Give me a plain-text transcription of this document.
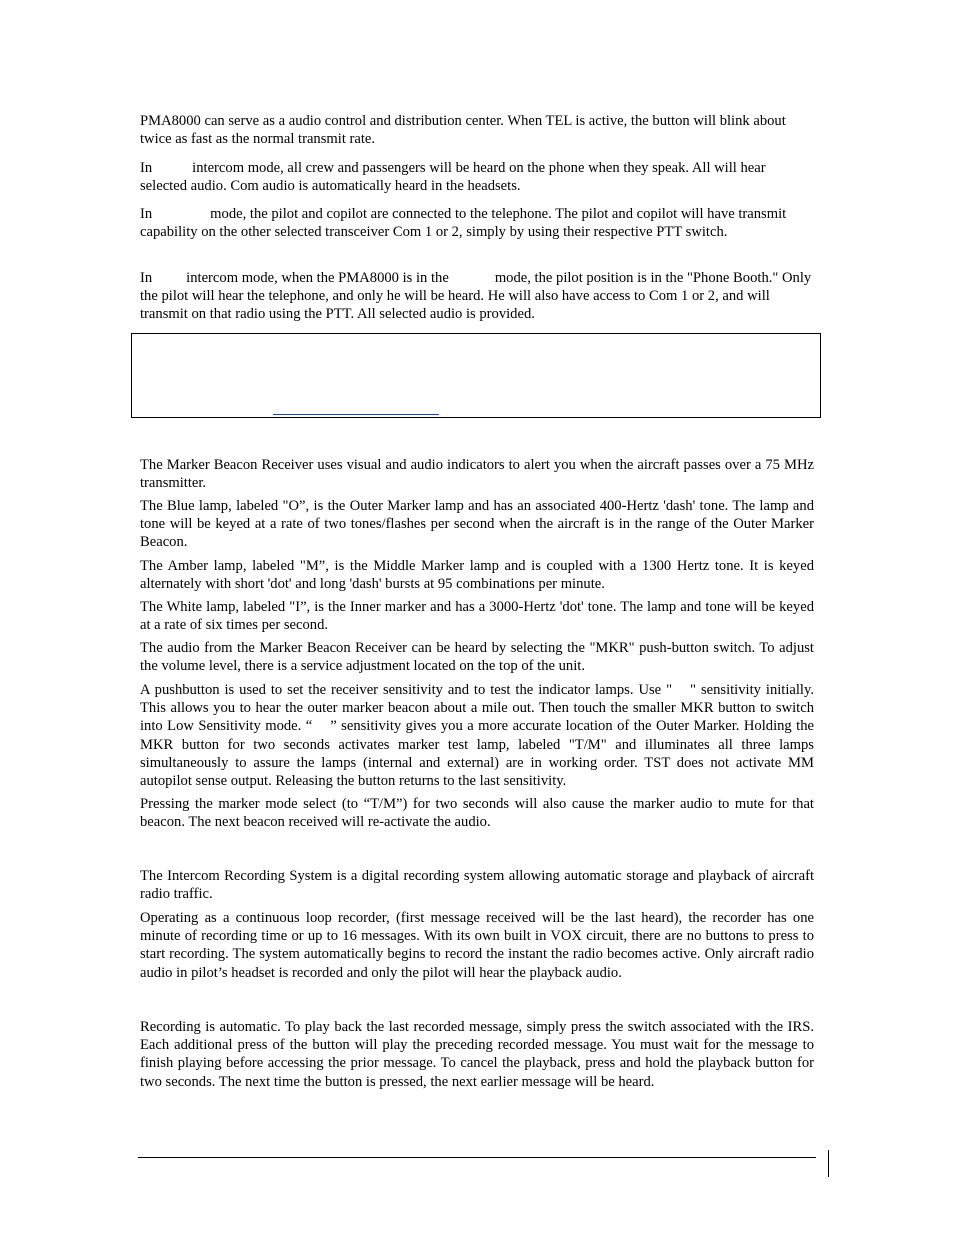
PMA8000 can serve as a audio control and distribution center. When TEL is active, the button will blink about twice as fast as the normal transmit rate.

In	intercom mode, all crew and passengers will be heard on the phone when they speak. All will hear selected audio. Com audio is automatically heard in the headsets.

In	mode, the pilot and copilot are connected to the telephone. The pilot and copilot will have transmit capability on the other selected transceiver Com 1 or 2, simply by using their respective PTT switch.

In intercom mode, when the PMA8000 is in the	mode, the pilot position is in the "Phone Booth." Only the pilot will hear the telephone, and only he will be heard. He will also have access to Com 1 or 2, and will transmit on that radio using the PTT. All selected audio is provided.

The Marker Beacon Receiver uses visual and audio indicators to alert you when the aircraft passes over a 75 MHz transmitter.

The Blue lamp, labeled "O”, is the Outer Marker lamp and has an associated 400-Hertz 'dash' tone. The lamp and tone will be keyed at a rate of two tones/flashes per second when the aircraft is in the range of the Outer Marker Beacon.

The Amber lamp, labeled "M”, is the Middle Marker lamp and is coupled with a 1300 Hertz tone. It is keyed alternately with short 'dot' and long 'dash' bursts at 95 combinations per minute.

The White lamp, labeled "I”, is the Inner marker and has a 3000-Hertz 'dot' tone. The lamp and tone will be keyed at a rate of six times per second.

The audio from the Marker Beacon Receiver can be heard by selecting the "MKR" push-button switch. To adjust the volume level, there is a service adjustment located on the top of the unit.

A pushbutton is used to set the receiver sensitivity and to test the indicator lamps. Use " " sensitivity initially. This allows you to hear the outer marker beacon about a mile out. Then touch the smaller MKR button to switch into Low Sensitivity mode. “ ” sensitivity gives you a more accurate location of the Outer Marker. Holding the MKR button for two seconds activates marker test lamp, labeled "T/M" and illuminates all three lamps simultaneously to assure the lamps (internal and external) are in working order. TST does not activate MM autopilot sense output. Releasing the button returns to the last sensitivity.

Pressing the marker mode select (to “T/M”) for two seconds will also cause the marker audio to mute for that beacon. The next beacon received will re-activate the audio.

The Intercom Recording System is a digital recording system allowing automatic storage and playback of aircraft radio traffic.

Operating as a continuous loop recorder, (first message received will be the last heard), the recorder has one minute of recording time or up to 16 messages. With its own built in VOX circuit, there are no buttons to press to start recording. The system automatically begins to record the instant the radio becomes active. Only aircraft radio audio in pilot’s headset is recorded and only the pilot will hear the playback audio.

Recording is automatic. To play back the last recorded message, simply press the switch associated with the IRS. Each additional press of the button will play the preceding recorded message. You must wait for the message to finish playing before accessing the prior message. To cancel the playback, press and hold the playback button for two seconds. The next time the button is pressed, the next earlier message will be heard.
